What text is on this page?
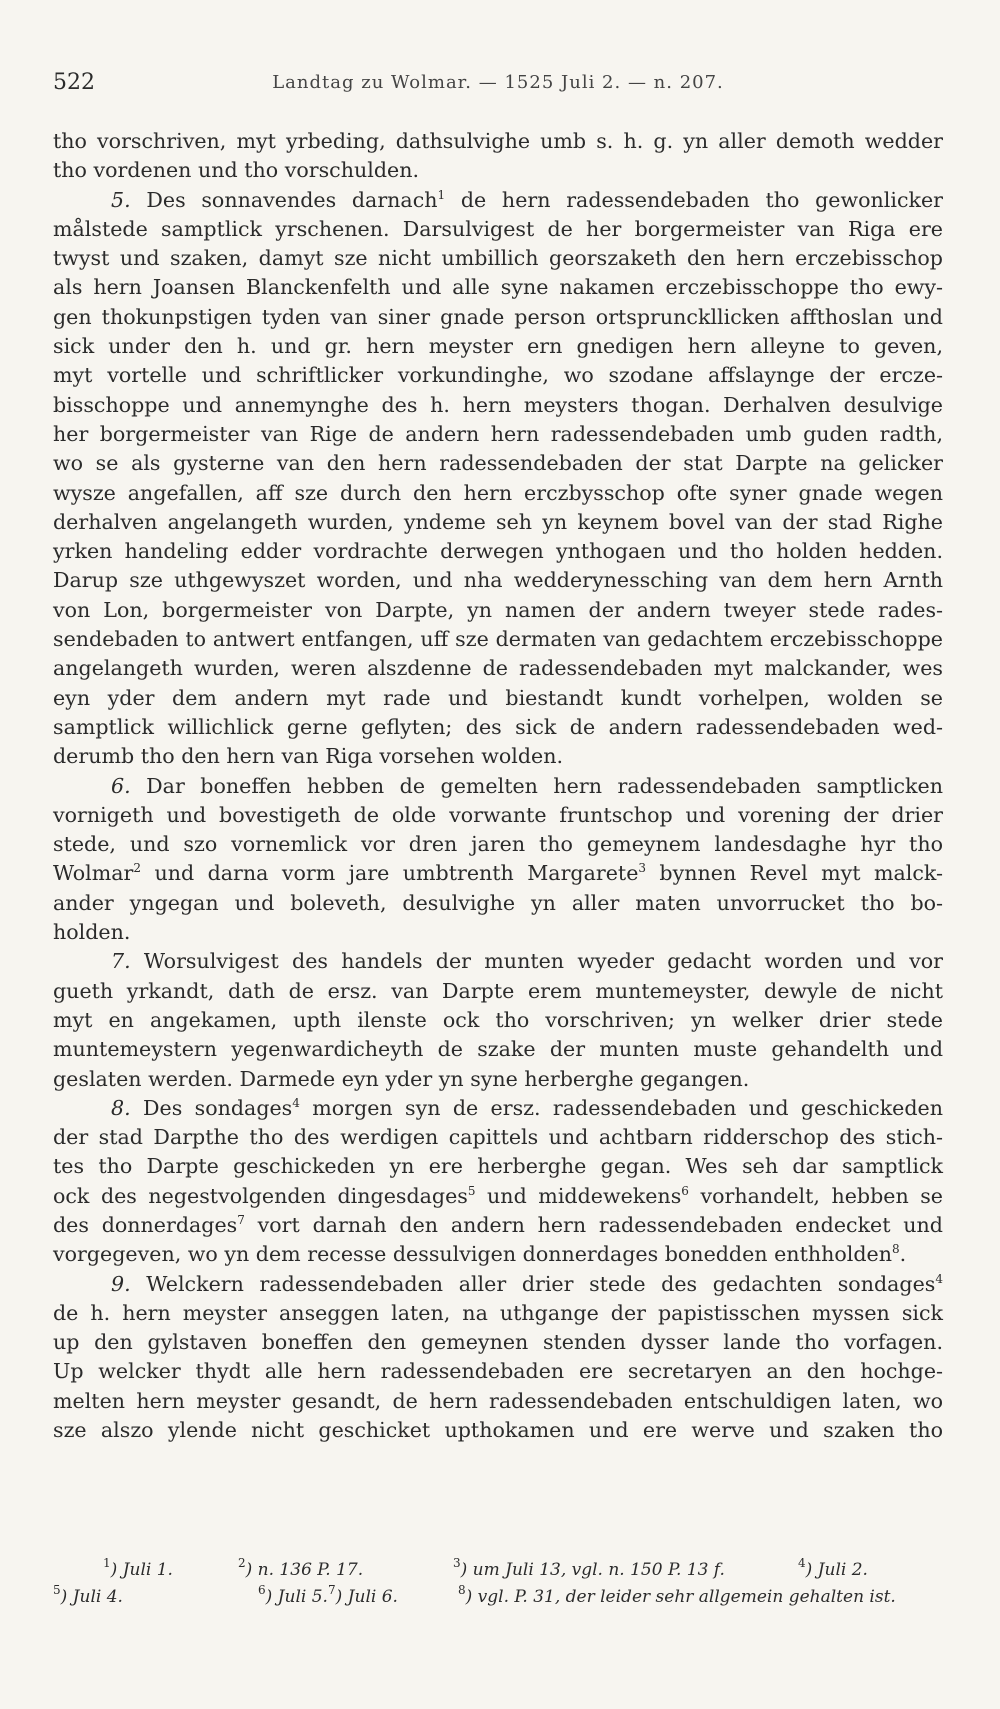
522	Landtag zu Wolmar. — 1525 Juli 2. — n. 207.

tho vorschriven, myt yrbeding, dathsulvighe umb s. h. g. yn aller demoth wedder

tho vordenen und tho vorschulden.

5. Des sonnavendes darnach$^1$ de hern radessendebaden tho gewonlicker

målstede samptlick yrschenen. Darsulvigest de her borgermeister van Riga ere

twyst und szaken, damyt sze nicht umbillich georszaketh den hern erczebisschop

als hern Joansen Blanckenfelth und alle syne nakamen erczebisschoppe tho ewy-

gen thokunpstigen tyden van siner gnade person ortsprunckllicken affthoslan und

sick under den h. und gr. hern meyster ern gnedigen hern alleyne to geven,

myt vortelle und schriftlicker vorkundinghe, wo szodane affslaynge der ercze-

bisschoppe und annemynghe des h. hern meysters thogan. Derhalven desulvige

her borgermeister van Rige de andern hern radessendebaden umb guden radth,

wo se als gysterne van den hern radessendebaden der stat Darpte na gelicker

wysze angefallen, aff sze durch den hern erczbysschop ofte syner gnade wegen

derhalven angelangeth wurden, yndeme seh yn keynem bovel van der stad Righe

yrken handeling edder vordrachte derwegen ynthogaen und tho holden hedden.

Darup sze uthgewyszet worden, und nha wedderynessching van dem hern Arnth

von Lon, borgermeister von Darpte, yn namen der andern tweyer stede rades-

sendebaden to antwert entfangen, uff sze dermaten van gedachtem erczebisschoppe

angelangeth wurden, weren alszdenne de radessendebaden myt malckander, wes

eyn yder dem andern myt rade und biestandt kundt vorhelpen, wolden se

samptlick willichlick gerne geflyten; des sick de andern radessendebaden wed-

derumb tho den hern van Riga vorsehen wolden.

6. Dar boneffen hebben de gemelten hern radessendebaden samptlicken

vornigeth und bovestigeth de olde vorwante fruntschop und vorening der drier

stede, und szo vornemlick vor dren jaren tho gemeynem landesdaghe hyr tho

Wolmar$^2$ und darna vorm jare umbtrenth Margarete$^3$ bynnen Revel myt malck-

ander yngegan und boleveth, desulvighe yn aller maten unvorrucket tho bo-

holden.

7. Worsulvigest des handels der munten wyeder gedacht worden und vor

gueth yrkandt, dath de ersz. van Darpte erem muntemeyster, dewyle de nicht

myt en angekamen, upth ilenste ock tho vorschriven; yn welker drier stede

muntemeystern yegenwardicheyth de szake der munten muste gehandelth und

geslaten werden. Darmede eyn yder yn syne herberghe gegangen.

8. Des sondages$^4$ morgen syn de ersz. radessendebaden und geschickeden

der stad Darpthe tho des werdigen capittels und achtbarn ridderschop des stich-

tes tho Darpte geschickeden yn ere herberghe gegan. Wes seh dar samptlick

ock des negestvolgenden dingesdages$^5$ und middewekens$^6$ vorhandelt, hebben se

des donnerdages$^7$ vort darnah den andern hern radessendebaden endecket und

vorgegeven, wo yn dem recesse dessulvigen donnerdages bonedden enthholden$^8$.

9. Welckern radessendebaden aller drier stede des gedachten sondages$^4$

de h. hern meyster anseggen laten, na uthgange der papistisschen myssen sick

up den gylstaven boneffen den gemeynen stenden dysser lande tho vorfagen.

Up welcker thydt alle hern radessendebaden ere secretaryen an den hochge-

melten hern meyster gesandt, de hern radessendebaden entschuldigen laten, wo

sze alszo ylende nicht geschicket upthokamen und ere werve und szaken tho

$^1$) Juli 1.	$^2$) n. 136 P. 17.	$^3$) um Juli 13, vgl. n. 150 P. 13 f.	$^4$) Juli 2.
$^5$) Juli 4.	$^6$) Juli 5. $^7$) Juli 6.	$^8$) vgl. P. 31, der leider sehr allgemein gehalten ist.
